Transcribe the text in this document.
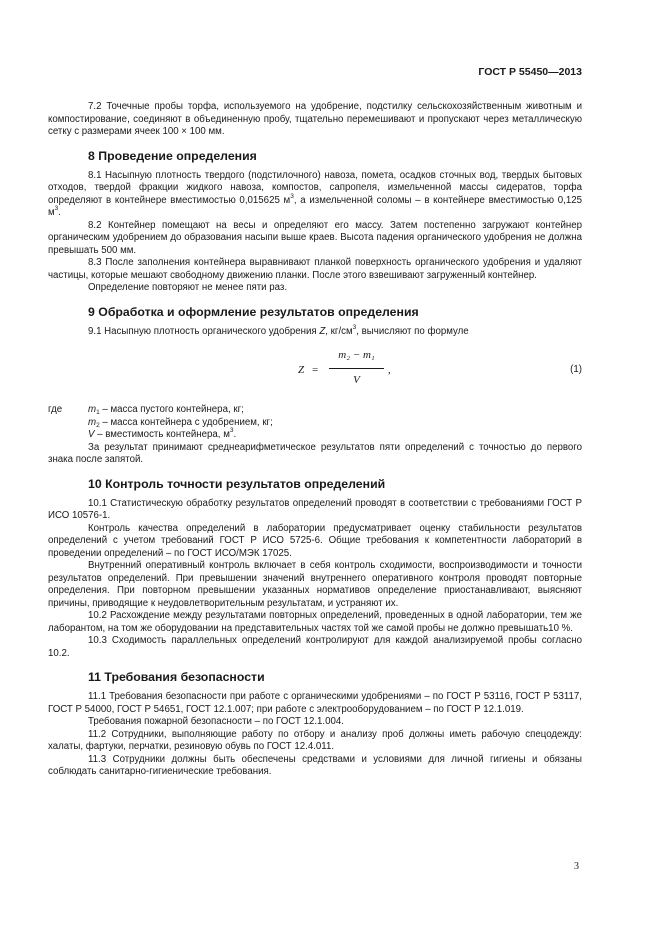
ГОСТ Р 55450—2013

7.2 Точечные пробы торфа, используемого на удобрение, подстилку сельскохозяйственным животным и компостирование, соединяют в объединенную пробу, тщательно перемешивают и пропускают через металлическую сетку с размерами ячеек 100 × 100 мм.

8 Проведение определения

8.1 Насыпную плотность твердого (подстилочного) навоза, помета, осадков сточных вод, твердых бытовых отходов, твердой фракции жидкого навоза, компостов, сапропеля, измельченной массы сидератов, торфа определяют в контейнере вместимостью 0,015625 $м^3$, а измельченной соломы – в контейнере вместимостью 0,125 $м^3$.

8.2 Контейнер помещают на весы и определяют его массу. Затем постепенно загружают контейнер органическим удобрением до образования насыпи выше краев. Высота падения органического удобрения не должна превышать 500 мм.

8.3 После заполнения контейнера выравнивают планкой поверхность органического удобрения и удаляют частицы, которые мешают свободному движению планки. После этого взвешивают загруженный контейнер.

Определение повторяют не менее пяти раз.

9 Обработка и оформление результатов определения

9.1 Насыпную плотность органического удобрения Z, $кг/см^3$, вычисляют по формуле

Z =
m₂ − m₁
V
,	(1)
где	$m_1$ – масса пустого контейнера, кг;

$m_2$ – масса контейнера с удобрением, кг;

V – вместимость контейнера, $м^3$.

За результат принимают среднеарифметическое результатов пяти определений с точностью до первого знака после запятой.

10 Контроль точности результатов определений

10.1 Статистическую обработку результатов определений проводят в соответствии с требованиями ГОСТ Р ИСО 10576-1.

Контроль качества определений в лаборатории предусматривает оценку стабильности результатов определений с учетом требований ГОСТ Р ИСО 5725-6. Общие требования к компетентности лабораторий в проведении определений – по ГОСТ ИСО/МЭК 17025.

Внутренний оперативный контроль включает в себя контроль сходимости, воспроизводимости и точности результатов определений. При превышении значений внутреннего оперативного контроля проводят повторные определения. При повторном превышении указанных нормативов определение приостанавливают, выясняют причины, приводящие к неудовлетворительным результатам, и устраняют их.

10.2 Расхождение между результатами повторных определений, проведенных в одной лаборатории, тем же лаборантом, на том же оборудовании на представительных частях той же самой пробы не должно превышать10 %.

10.3 Сходимость параллельных определений контролируют для каждой анализируемой пробы согласно 10.2.

11 Требования безопасности

11.1 Требования безопасности при работе с органическими удобрениями – по ГОСТ Р 53116, ГОСТ Р 53117, ГОСТ Р 54000, ГОСТ Р 54651, ГОСТ 12.1.007; при работе с электрооборудованием – по ГОСТ Р 12.1.019.

Требования пожарной безопасности – по ГОСТ 12.1.004.

11.2 Сотрудники, выполняющие работу по отбору и анализу проб должны иметь рабочую спецодежду: халаты, фартуки, перчатки, резиновую обувь по ГОСТ 12.4.011.

11.3 Сотрудники должны быть обеспечены средствами и условиями для личной гигиены и обязаны соблюдать санитарно-гигиенические требования.

3
